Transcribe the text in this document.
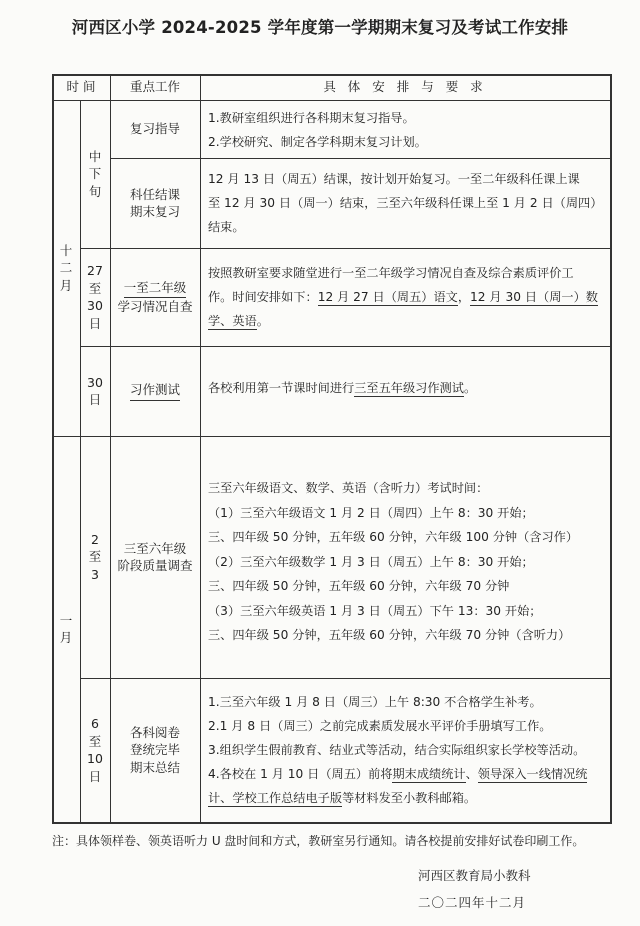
河西区小学 2024-2025 学年度第一学期期末复习及考试工作安排
时 间	重点工作	具 体 安 排 与 要 求
十
二
月
一
月
中
下
旬
27
至
30
日
30
日
2
至
3
6
至
10
日
复习指导
科任结课
期末复习
一至二年级
学习情况自查
习作测试
三至六年级
阶段质量调查
各科阅卷
登统完毕
期末总结

1.教研室组织进行各科期末复习指导。

2.学校研究、制定各学科期末复习计划。

12 月 13 日（周五）结课，按计划开始复习。一至二年级科任课上课

至 12 月 30 日（周一）结束，三至六年级科任课上至 1 月 2 日（周四）

结束。

按照教研室要求随堂进行一至二年级学习情况自查及综合素质评价工

作。时间安排如下：12 月 27 日（周五）语文，12 月 30 日（周一）数

学、英语。

各校利用第一节课时间进行三至五年级习作测试。

三至六年级语文、数学、英语（含听力）考试时间：

（1）三至六年级语文 1 月 2 日（周四）上午 8：30 开始；

三、四年级 50 分钟，五年级 60 分钟，六年级 100 分钟（含习作）

（2）三至六年级数学 1 月 3 日（周五）上午 8：30 开始；

三、四年级 50 分钟，五年级 60 分钟，六年级 70 分钟

（3）三至六年级英语 1 月 3 日（周五）下午 13：30 开始；

三、四年级 50 分钟，五年级 60 分钟，六年级 70 分钟（含听力）

1.三至六年级 1 月 8 日（周三）上午 8:30 不合格学生补考。

2.1 月 8 日（周三）之前完成素质发展水平评价手册填写工作。

3.组织学生假前教育、结业式等活动，结合实际组织家长学校等活动。

4.各校在 1 月 10 日（周五）前将期末成绩统计、领导深入一线情况统

计、学校工作总结电子版等材料发至小教科邮箱。

注：具体领样卷、领英语听力 U 盘时间和方式，教研室另行通知。请各校提前安排好试卷印刷工作。
河西区教育局小教科
二〇二四年十二月
